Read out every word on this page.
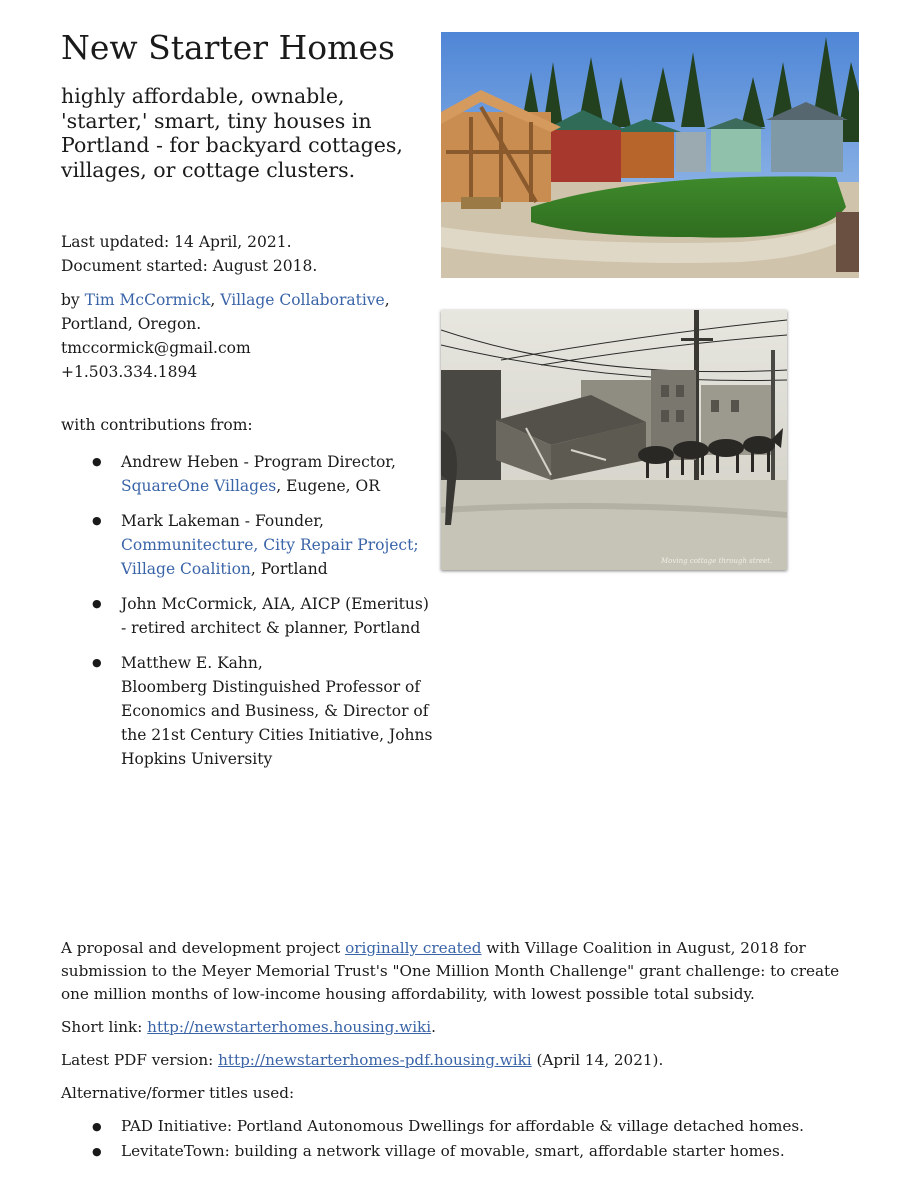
New Starter Homes

highly affordable, ownable, 'starter,' smart, tiny houses in Portland - for backyard cottages, villages, or cottage clusters.

Last updated: 14 April, 2021.
Document started: August 2018.
by Tim McCormick, Village Collaborative,
Portland, Oregon.
tmccormick@gmail.com
+1.503.334.1894
with contributions from:
● Andrew Heben - Program Director, SquareOne Villages, Eugene, OR
● Mark Lakeman - Founder, Communitecture, City Repair Project; Village Coalition, Portland
● John McCormick, AIA, AICP (Emeritus) - retired architect & planner, Portland
● Matthew E. Kahn,
Bloomberg Distinguished Professor of Economics and Business, & Director of the 21st Century Cities Initiative, Johns Hopkins University
Moving cottage through street.

A proposal and development project originally created with Village Coalition in August, 2018 for submission to the Meyer Memorial Trust's "One Million Month Challenge" grant challenge: to create one million months of low-income housing affordability, with lowest possible total subsidy.

Short link: http://newstarterhomes.housing.wiki.

Latest PDF version: http://newstarterhomes-pdf.housing.wiki (April 14, 2021).

Alternative/former titles used:

● PAD Initiative: Portland Autonomous Dwellings for affordable & village detached homes.
● LevitateTown: building a network village of movable, smart, affordable starter homes.
